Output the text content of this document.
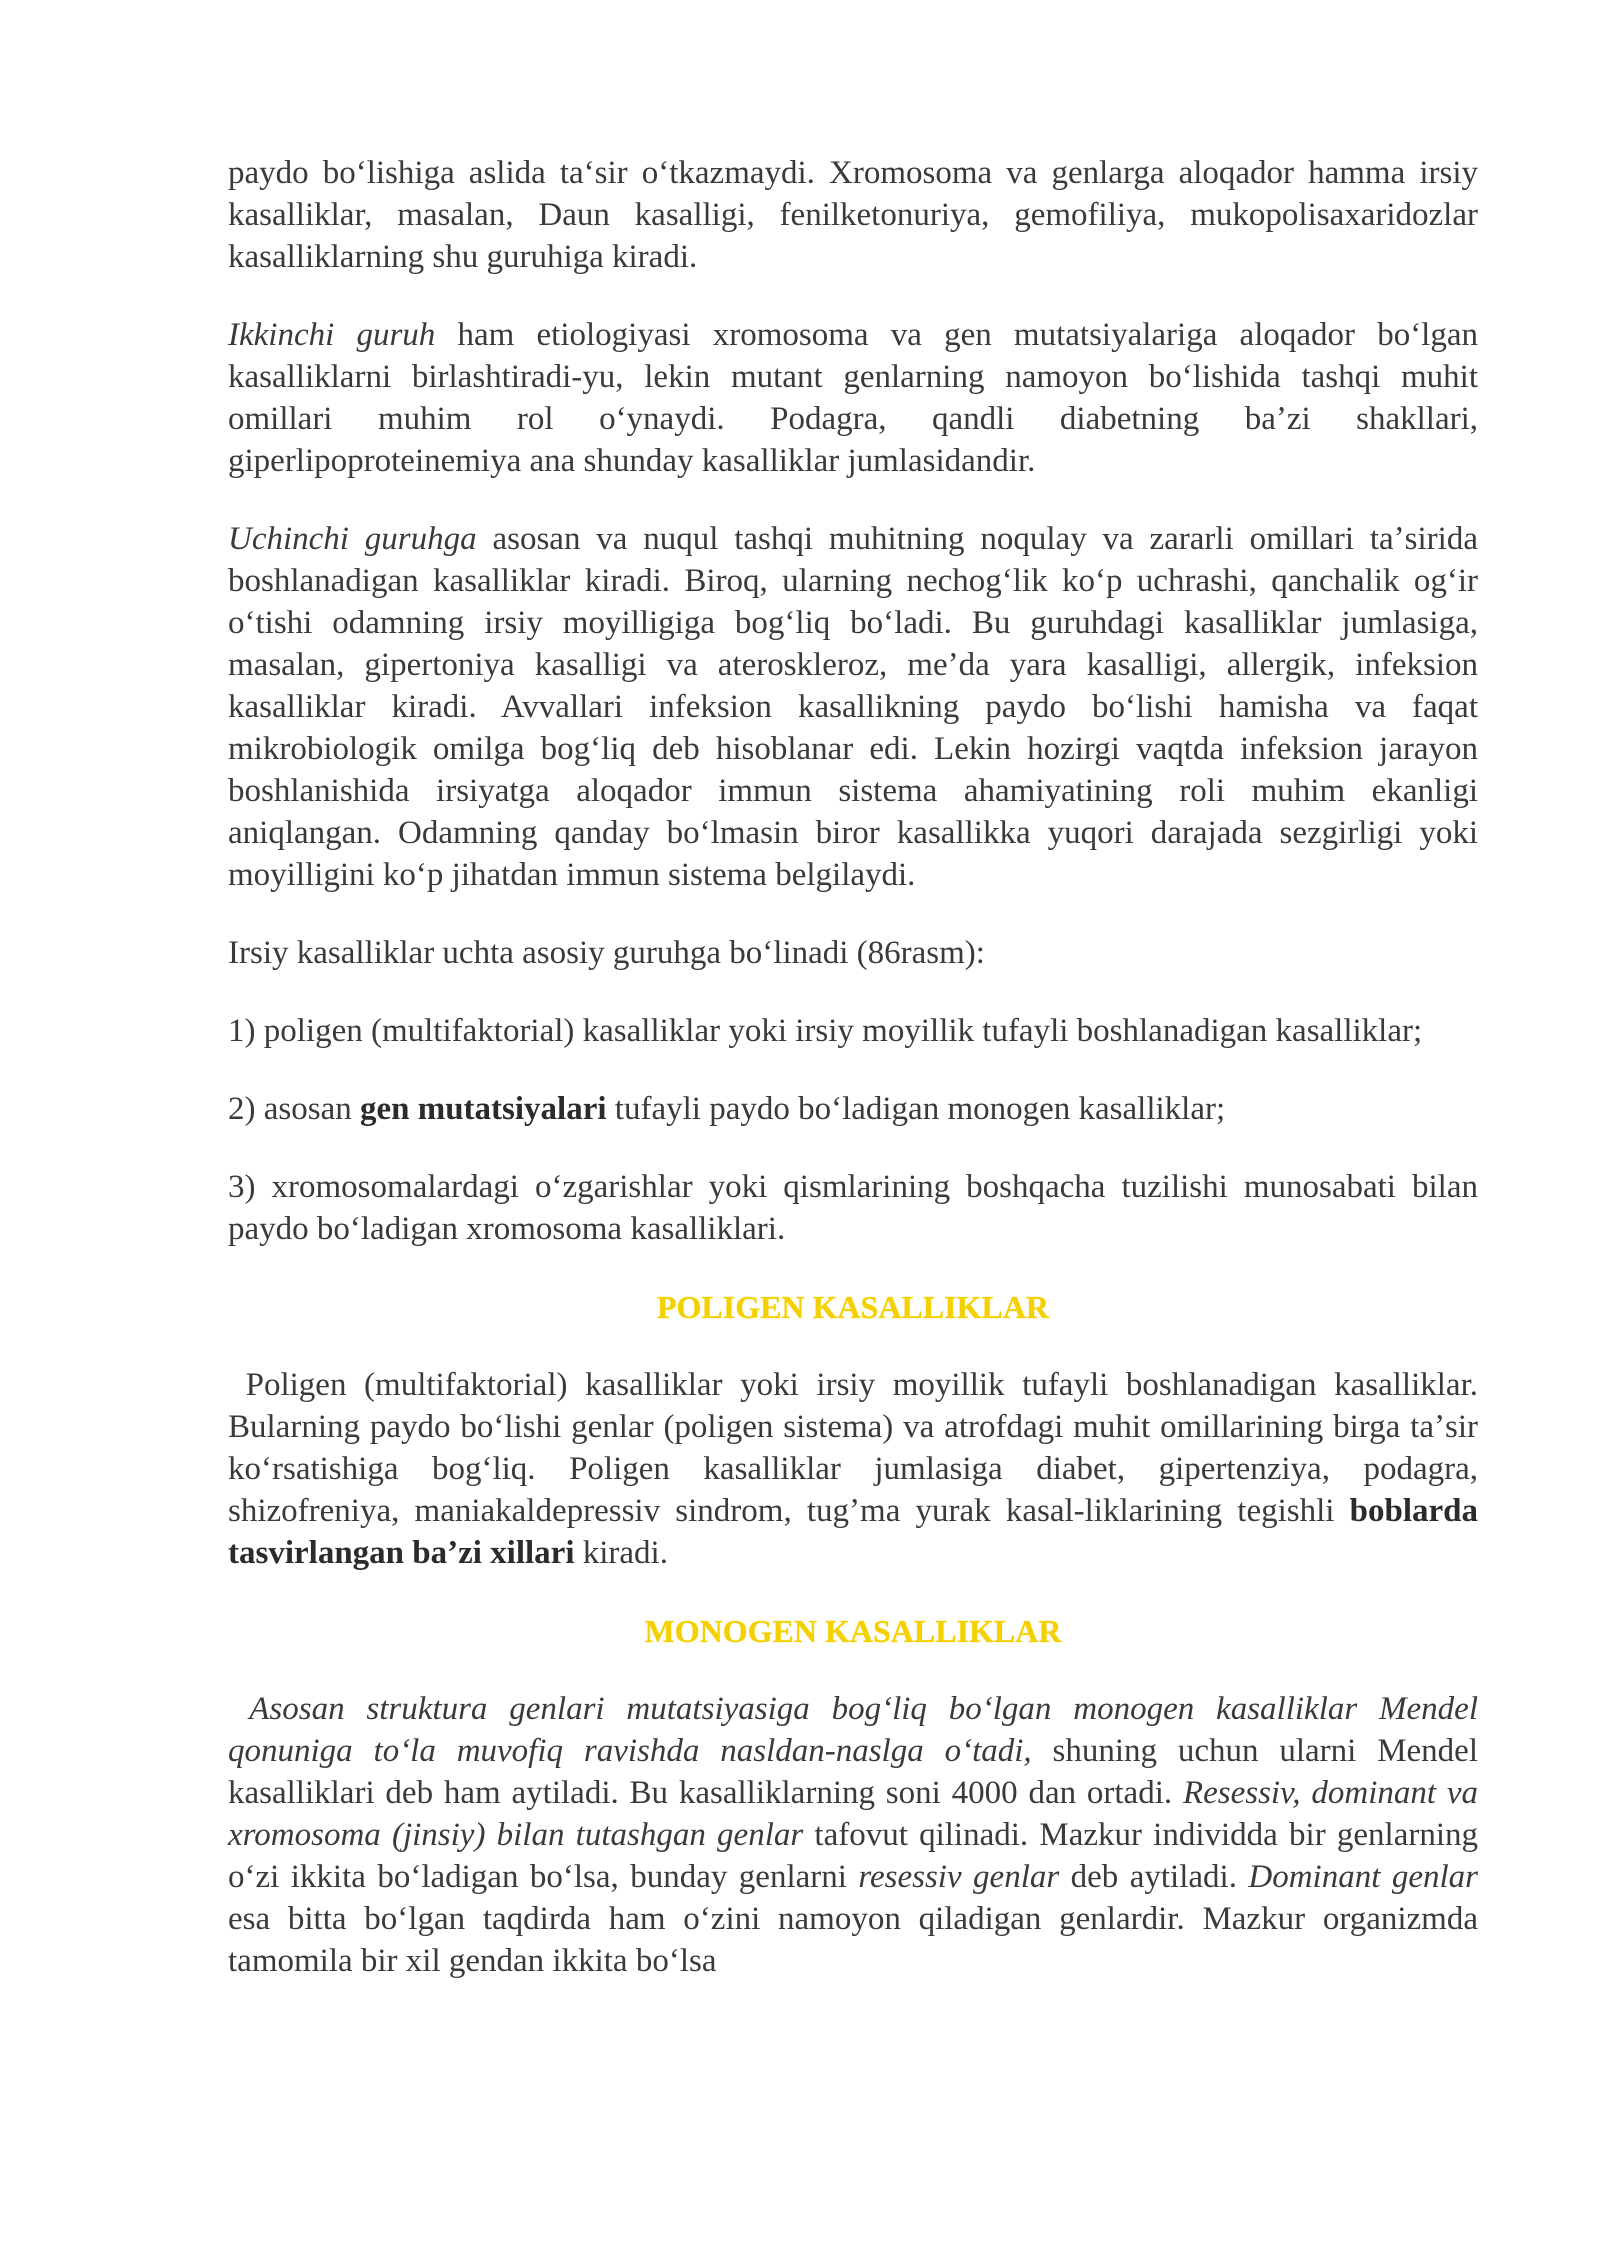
paydo boʻlishiga aslida taʻsir oʻtkazmaydi. Xromosoma va genlarga aloqador hamma irsiy kasalliklar, masalan, Daun kasalligi, fenilketonuriya, gemofiliya, mukopolisaxaridozlar kasalliklarning shu guruhiga kiradi.

Ikkinchi guruh ham etiologiyasi xromosoma va gen mutatsiyalariga aloqador boʻlgan kasalliklarni birlashtiradi-yu, lekin mutant genlarning namoyon boʻlishida tashqi muhit omillari muhim rol oʻynaydi. Podagra, qandli diabetning baʼzi shakllari, giperlipoproteinemiya ana shunday kasalliklar jumlasidandir.

Uchinchi guruhga asosan va nuqul tashqi muhitning noqulay va zararli omillari taʼsirida boshlanadigan kasalliklar kiradi. Biroq, ularning nechogʻlik koʻp uchrashi, qanchalik ogʻir oʻtishi odamning irsiy moyilligiga bogʻliq boʻladi. Bu guruhdagi kasalliklar jumlasiga, masalan, gipertoniya kasalligi va ateroskleroz, meʼda yara kasalligi, allergik, infeksion kasalliklar kiradi. Avvallari infeksion kasallikning paydo boʻlishi hamisha va faqat mikrobiologik omilga bogʻliq deb hisoblanar edi. Lekin hozirgi vaqtda infeksion jarayon boshlanishida irsiyatga aloqador immun sistema ahamiyatining roli muhim ekanligi aniqlangan. Odamning qanday boʻlmasin biror kasallikka yuqori darajada sezgirligi yoki moyilligini koʻp jihatdan immun sistema belgilaydi.

Irsiy kasalliklar uchta asosiy guruhga boʻlinadi (86rasm):

1) poligen (multifaktorial) kasalliklar yoki irsiy moyillik tufayli boshlanadigan kasalliklar;

2) asosan gen mutatsiyalari tufayli paydo boʻladigan monogen kasalliklar;

3) xromosomalardagi oʻzgarishlar yoki qismlarining boshqacha tuzilishi munosabati bilan paydo boʻladigan xromosoma kasalliklari.

POLIGEN KASALLIKLAR

Poligen (multifaktorial) kasalliklar yoki irsiy moyillik tufayli boshlanadigan kasalliklar. Bularning paydo boʻlishi genlar (poligen sistema) va atrofdagi muhit omillarining birga taʼsir koʻrsatishiga bogʻliq. Poligen kasalliklar jumlasiga diabet, gipertenziya, podagra, shizofreniya, maniakaldepressiv sindrom, tugʼma yurak kasal-liklarining tegishli boblarda tasvirlangan baʼzi xillari kiradi.

MONOGEN KASALLIKLAR

Asosan struktura genlari mutatsiyasiga bogʻliq boʻlgan monogen kasalliklar Mendel qonuniga toʻla muvofiq ravishda nasldan-naslga oʻtadi, shuning uchun ularni Mendel kasalliklari deb ham aytiladi. Bu kasalliklarning soni 4000 dan ortadi. Resessiv, dominant va xromosoma (jinsiy) bilan tutashgan genlar tafovut qilinadi. Mazkur individda bir genlarning oʻzi ikkita boʻladigan boʻlsa, bunday genlarni resessiv genlar deb aytiladi. Dominant genlar esa bitta boʻlgan taqdirda ham oʻzini namoyon qiladigan genlardir. Mazkur organizmda tamomila bir xil gendan ikkita boʻlsa
